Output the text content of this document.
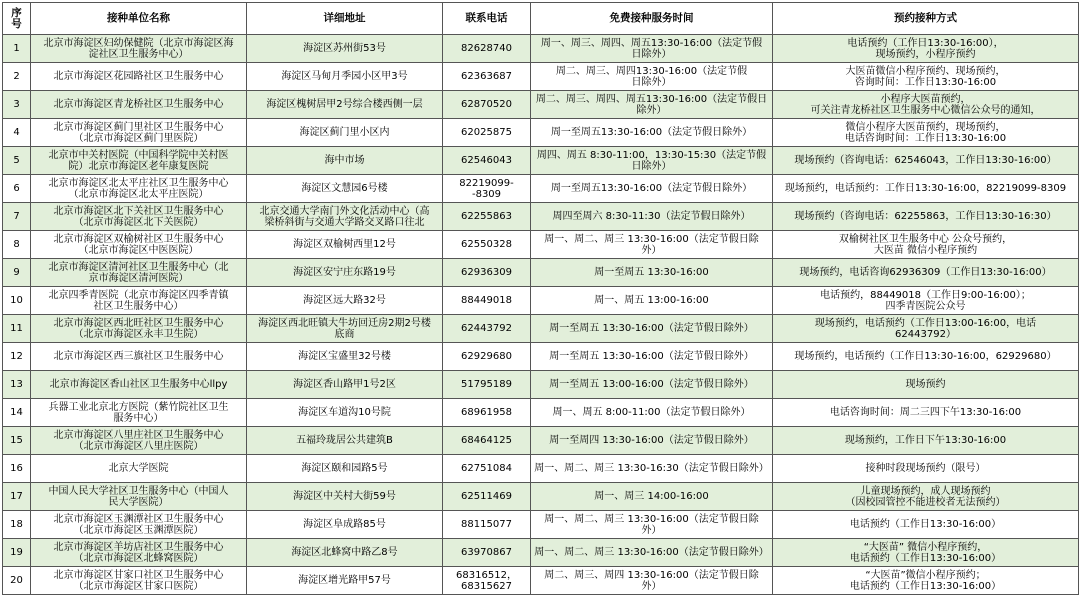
序
号	接种单位名称	详细地址	联系电话	免费接种服务时间	预约接种方式
1	北京市海淀区妇幼保健院（北京市海淀区海
淀社区卫生服务中心）	海淀区苏州街53号	82628740	周一、周三、周四、周五13:30-16:00（法定节假
日除外）	电话预约（工作日13:30-16:00），
现场预约，小程序预约
2	北京市海淀区花园路社区卫生服务中心	海淀区马甸月季园小区甲3号	62363687	周二、周三、周四13:30-16:00（法定节假
日除外）	大医苗微信小程序预约、现场预约，
咨询时间：工作日13:30-16:00
3	北京市海淀区青龙桥社区卫生服务中心	海淀区槐树居甲2号综合楼西侧一层	62870520	周二、周三、周四、周五13:30-16:00（法定节假日除外）	小程序大医苗预约，
可关注青龙桥社区卫生服务中心微信公众号的通知，
4	北京市海淀区蓟门里社区卫生服务中心
（北京市海淀区蓟门里医院）	海淀区蓟门里小区内	62025875	周一至周五13:30-16:00（法定节假日除外）	微信小程序大医苗预约，现场预约，
电话咨询时间：工作日13:30-16:00
5	北京市中关村医院（中国科学院中关村医
院）北京市海淀区老年康复医院	海中市场	62546043	周四、周五 8:30-11:00，13:30-15:30（法定节假
日除外）	现场预约（咨询电话：62546043，工作日13:30-16:00）
6	北京市海淀区北太平庄社区卫生服务中心
（北京市海淀区北太平庄医院）	海淀区文慧园6号楼	82219099--8309	周一至周五13:30-16:00（法定节假日除外）	现场预约，电话预约：工作日13:30-16:00，82219099-8309
7	北京市海淀区北下关社区卫生服务中心
（北京市海淀区北下关医院）	北京交通大学南门外文化活动中心（高
梁桥斜街与交通大学路交叉路口往北	62255863	周四至周六 8:30-11:30（法定节假日除外）	现场预约（咨询电话：62255863，工作日13:30-16:30）
8	北京市海淀区双榆树社区卫生服务中心
（北京市海淀区中医医院）	海淀区双榆树西里12号	62550328	周一、周二、周三 13:30-16:00（法定节假日除
外）	双榆树社区卫生服务中心 公众号预约，
大医苗 微信小程序预约
9	北京市海淀区清河社区卫生服务中心（北
京市海淀区清河医院）	海淀区安宁庄东路19号	62936309	周一至周五 13:30-16:00	现场预约，电话咨询62936309（工作日13:30-16:00）
10	北京四季青医院（北京市海淀区四季青镇
社区卫生服务中心）	海淀区远大路32号	88449018	周一、周五 13:00-16:00	电话预约，88449018（工作日9:00-16:00）；
四季青医院公众号
11	北京市海淀区西北旺社区卫生服务中心
（北京市海淀区永丰卫生院）	海淀区西北旺镇大牛坊回迁房2期2号楼
底商	62443792	周一至周五 13:30-16:00（法定节假日除外）	现场预约，电话预约（工作日13:00-16:00，电话
62443792）
12	北京市海淀区西三旗社区卫生服务中心	海淀区宝盛里32号楼	62929680	周一至周五 13:30-16:00（法定节假日除外）	现场预约，电话预约（工作日13:30-16:00，62929680）
13	北京市海淀区香山社区卫生服务中心llpy	海淀区香山路甲1号2区	51795189	周一至周五 13:00-16:00（法定节假日除外）	现场预约
14	兵器工业北京北方医院（紫竹院社区卫生
服务中心）	海淀区车道沟10号院	68961958	周一、周五 8:00-11:00（法定节假日除外）	电话咨询时间：周二三四下午13:30-16:00
15	北京市海淀区八里庄社区卫生服务中心
（北京市海淀区八里庄医院）	五福玲珑居公共建筑B	68464125	周一至周四 13:30-16:00（法定节假日除外）	现场预约，工作日下午13:30-16:00
16	北京大学医院	海淀区颐和园路5号	62751084	周一、周二、周三 13:30-16:30（法定节假日除外）	接种时段现场预约（限号）
17	中国人民大学社区卫生服务中心（中国人
民大学医院）	海淀区中关村大街59号	62511469	周一、周三 14:00-16:00	儿童现场预约，成人现场预约
（因校园管控不能进校者无法预约）
18	北京市海淀区玉渊潭社区卫生服务中心
（北京市海淀区玉渊潭医院）	海淀区阜成路85号	88115077	周一、周二、周三 13:30-16:00（法定节假日除
外）	电话预约（工作日13:30-16:00）
19	北京市海淀区羊坊店社区卫生服务中心
（北京市海淀区北蜂窝医院）	海淀区北蜂窝中路乙8号	63970867	周一、周二、周三 13:30-16:00（法定节假日除外）	“大医苗” 微信小程序预约，
电话预约（工作日13:30-16:00）
20	北京市海淀区甘家口社区卫生服务中心
（北京市海淀区甘家口医院）	海淀区增光路甲57号	68316512，
68315627	周二、周三、周四 13:30-16:00（法定节假日除
外）	“大医苗”微信小程序预约；
电话预约（工作日13:30-16:00）
